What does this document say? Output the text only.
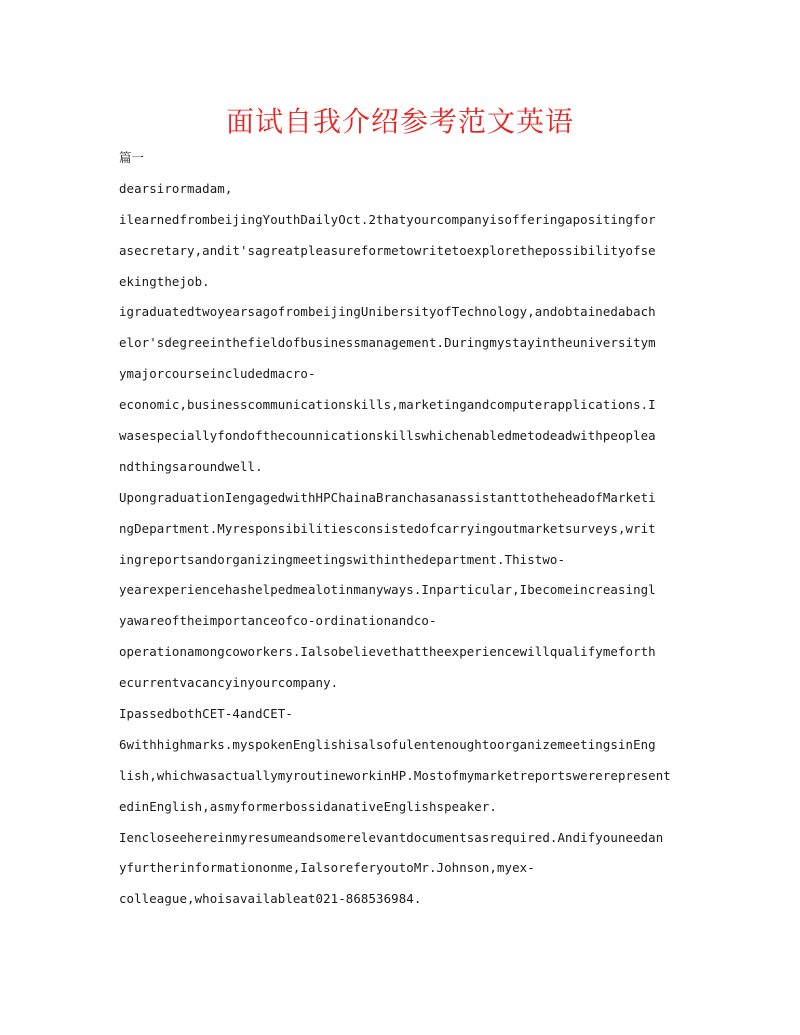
面试自我介绍参考范文英语
篇一
dearsirormadam,
ilearnedfrombeijingYouthDailyOct.2thatyourcompanyisofferingapositingfor
asecretary,andit'sagreatpleasureformetowritetoexplorethepossibilityofse
ekingthejob.
igraduatedtwoyearsagofrombeijingUnibersityofTechnology,andobtainedabach
elor'sdegreeinthefieldofbusinessmanagement.Duringmystayintheuniversitym
ymajorcourseincludedmacro-
economic,businesscommunicationskills,marketingandcomputerapplications.I
wasespeciallyfondofthecounnicationskillswhichenabledmetodeadwithpeoplea
ndthingsaroundwell.
UpongraduationIengagedwithHPChainaBranchasanassistanttotheheadofMarketi
ngDepartment.Myresponsibilitiesconsistedofcarryingoutmarketsurveys,writ
ingreportsandorganizingmeetingswithinthedepartment.Thistwo-
yearexperiencehashelpedmealotinmanyways.Inparticular,Ibecomeincreasingl
yawareoftheimportanceofco-ordinationandco-
operationamongcoworkers.Ialsobelievethattheexperiencewillqualifymeforth
ecurrentvacancyinyourcompany.
IpassedbothCET-4andCET-
6withhighmarks.myspokenEnglishisalsofulentenoughtoorganizemeetingsinEng
lish,whichwasactuallymyroutineworkinHP.Mostofmymarketreportswererepresent
edinEnglish,asmyformerbossidanativeEnglishspeaker.
Iencloseehereinmyresumeandsomerelevantdocumentsasrequired.Andifyouneedan
yfurtherinformationonme,IalsoreferyoutoMr.Johnson,myex-
colleague,whoisavailableat021-868536984.
